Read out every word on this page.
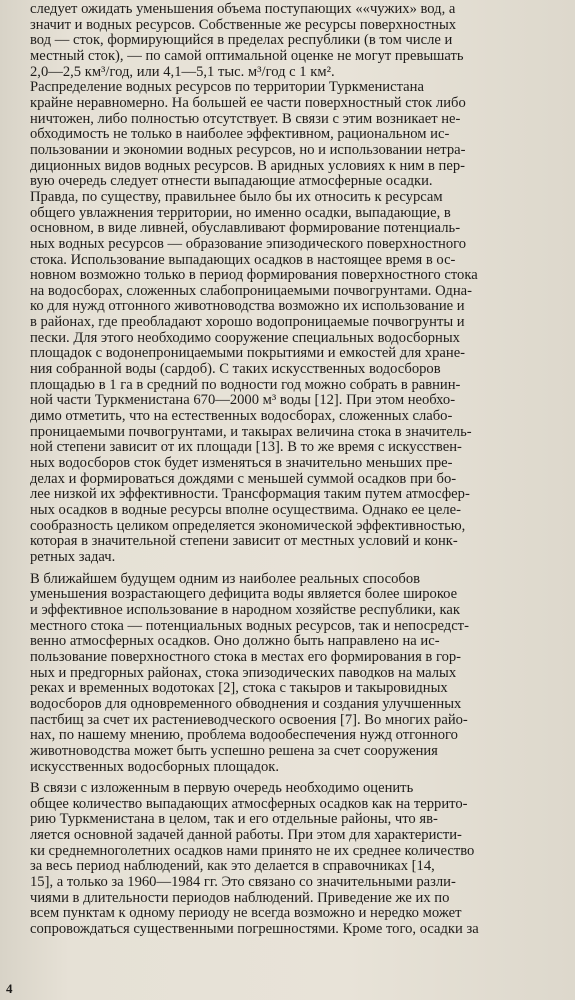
следует ожидать уменьшения объема поступающих ««чужих» вод, а
значит и водных ресурсов. Собственные же ресурсы поверхностных
вод — сток, формирующийся в пределах республики (в том числе и
местный сток), — по самой оптимальной оценке не могут превышать
2,0—2,5 км³/год, или 4,1—5,1 тыс. м³/год с 1 км².

Распределение водных ресурсов по территории Туркменистана
крайне неравномерно. На большей ее части поверхностный сток либо
ничтожен, либо полностью отсутствует. В связи с этим возникает не-
обходимость не только в наиболее эффективном, рациональном ис-
пользовании и экономии водных ресурсов, но и использовании нетра-
диционных видов водных ресурсов. В аридных условиях к ним в пер-
вую очередь следует отнести выпадающие атмосферные осадки.
Правда, по существу, правильнее было бы их относить к ресурсам
общего увлажнения территории, но именно осадки, выпадающие, в
основном, в виде ливней, обуславливают формирование потенциаль-
ных водных ресурсов — образование эпизодического поверхностного
стока. Использование выпадающих осадков в настоящее время в ос-
новном возможно только в период формирования поверхностного стока
на водосборах, сложенных слабопроницаемыми почвогрунтами. Одна-
ко для нужд отгонного животноводства возможно их использование и
в районах, где преобладают хорошо водопроницаемые почвогрунты и
пески. Для этого необходимо сооружение специальных водосборных
площадок с водонепроницаемыми покрытиями и емкостей для хране-
ния собранной воды (сардоб). С таких искусственных водосборов
площадью в 1 га в средний по водности год можно собрать в равнин-
ной части Туркменистана 670—2000 м³ воды [12]. При этом необхо-
димо отметить, что на естественных водосборах, сложенных слабо-
проницаемыми почвогрунтами, и такырах величина стока в значитель-
ной степени зависит от их площади [13]. В то же время с искусствен-
ных водосборов сток будет изменяться в значительно меньших пре-
делах и формироваться дождями с меньшей суммой осадков при бо-
лее низкой их эффективности. Трансформация таким путем атмосфер-
ных осадков в водные ресурсы вполне осуществима. Однако ее целе-
сообразность целиком определяется экономической эффективностью,
которая в значительной степени зависит от местных условий и конк-
ретных задач.

В ближайшем будущем одним из наиболее реальных способов
уменьшения возрастающего дефицита воды является более широкое
и эффективное использование в народном хозяйстве республики, как
местного стока — потенциальных водных ресурсов, так и непосредст-
венно атмосферных осадков. Оно должно быть направлено на ис-
пользование поверхностного стока в местах его формирования в гор-
ных и предгорных районах, стока эпизодических паводков на малых
реках и временных водотоках [2], стока с такыров и такыровидных
водосборов для одновременного обводнения и создания улучшенных
пастбищ за счет их растениеводческого освоения [7]. Во многих райо-
нах, по нашему мнению, проблема водообеспечения нужд отгонного
животноводства может быть успешно решена за счет сооружения
искусственных водосборных площадок.

В связи с изложенным в первую очередь необходимо оценить
общее количество выпадающих атмосферных осадков как на террито-
рию Туркменистана в целом, так и его отдельные районы, что яв-
ляется основной задачей данной работы. При этом для характеристи-
ки среднемноголетних осадков нами принято не их среднее количество
за весь период наблюдений, как это делается в справочниках [14,
15], а только за 1960—1984 гг. Это связано со значительными разли-
чиями в длительности периодов наблюдений. Приведение же их по
всем пунктам к одному периоду не всегда возможно и нередко может
сопровождаться существенными погрешностями. Кроме того, осадки за

4
